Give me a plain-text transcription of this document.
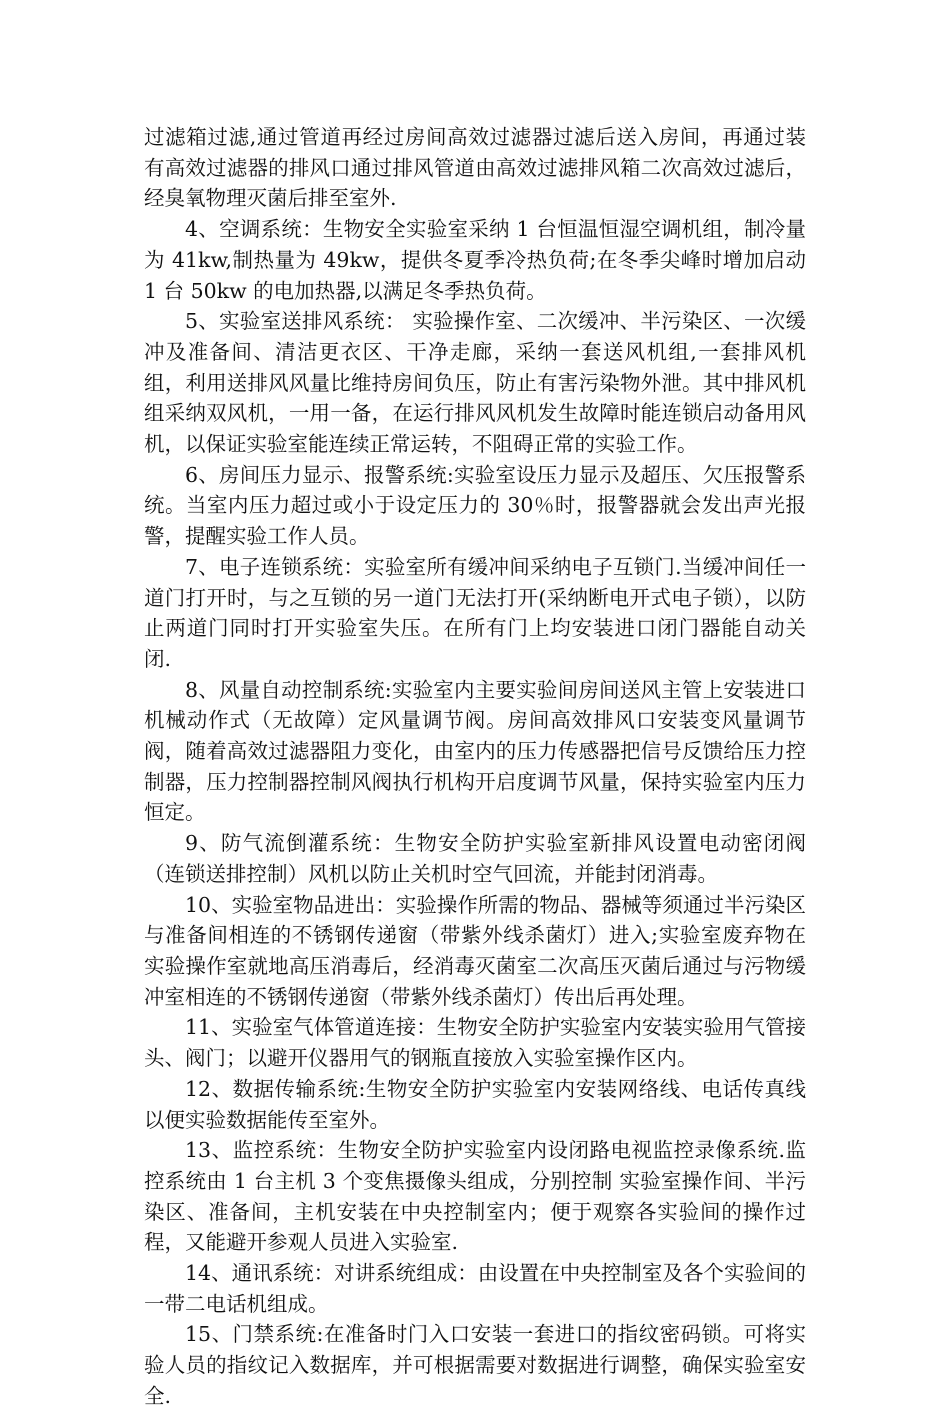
过滤箱过滤,通过管道再经过房间高效过滤器过滤后送入房间，再通过装有高效过滤器的排风口通过排风管道由高效过滤排风箱二次高效过滤后，经臭氧物理灭菌后排至室外.

4、空调系统：生物安全实验室采纳 1 台恒温恒湿空调机组，制冷量为 41kw,制热量为 49kw，提供冬夏季冷热负荷;在冬季尖峰时增加启动 1 台 50kw 的电加热器,以满足冬季热负荷。

5、实验室送排风系统： 实验操作室、二次缓冲、半污染区、一次缓冲及准备间、清洁更衣区、干净走廊，采纳一套送风机组,一套排风机组，利用送排风风量比维持房间负压，防止有害污染物外泄。其中排风机组采纳双风机，一用一备，在运行排风风机发生故障时能连锁启动备用风机，以保证实验室能连续正常运转，不阻碍正常的实验工作。

6、房间压力显示、报警系统:实验室设压力显示及超压、欠压报警系统。当室内压力超过或小于设定压力的 30％时，报警器就会发出声光报警，提醒实验工作人员。

7、电子连锁系统：实验室所有缓冲间采纳电子互锁门.当缓冲间任一道门打开时，与之互锁的另一道门无法打开(采纳断电开式电子锁），以防止两道门同时打开实验室失压。在所有门上均安装进口闭门器能自动关闭.

8、风量自动控制系统:实验室内主要实验间房间送风主管上安装进口机械动作式（无故障）定风量调节阀。房间高效排风口安装变风量调节阀，随着高效过滤器阻力变化，由室内的压力传感器把信号反馈给压力控制器，压力控制器控制风阀执行机构开启度调节风量，保持实验室内压力恒定。

9、防气流倒灌系统：生物安全防护实验室新排风设置电动密闭阀（连锁送排控制）风机以防止关机时空气回流，并能封闭消毒。

10、实验室物品进出：实验操作所需的物品、器械等须通过半污染区与准备间相连的不锈钢传递窗（带紫外线杀菌灯）进入;实验室废弃物在实验操作室就地高压消毒后，经消毒灭菌室二次高压灭菌后通过与污物缓冲室相连的不锈钢传递窗（带紫外线杀菌灯）传出后再处理。

11、实验室气体管道连接：生物安全防护实验室内安装实验用气管接头、阀门；以避开仪器用气的钢瓶直接放入实验室操作区内。

12、数据传输系统:生物安全防护实验室内安装网络线、电话传真线以便实验数据能传至室外。

13、监控系统：生物安全防护实验室内设闭路电视监控录像系统.监控系统由 1 台主机 3 个变焦摄像头组成，分别控制 实验室操作间、半污染区、准备间，主机安装在中央控制室内；便于观察各实验间的操作过程，又能避开参观人员进入实验室.

14、通讯系统：对讲系统组成：由设置在中央控制室及各个实验间的一带二电话机组成。

15、门禁系统:在准备时门入口安装一套进口的指纹密码锁。可将实验人员的指纹记入数据库，并可根据需要对数据进行调整，确保实验室安全.
